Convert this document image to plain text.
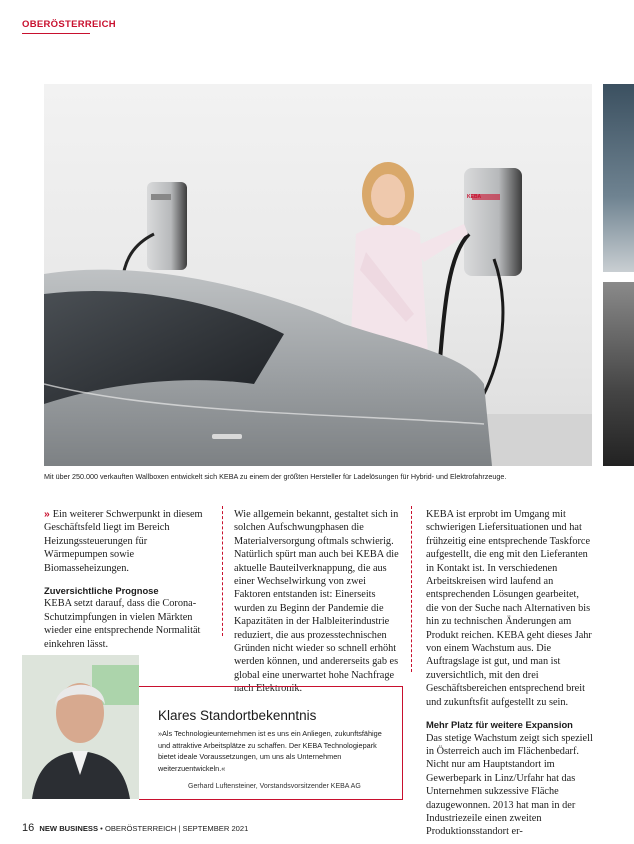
OBERÖSTERREICH
Mit über 250.000 verkauften Wallboxen entwickelt sich KEBA zu einem der größten Hersteller für Ladelösungen für Hybrid- und Elektrofahrzeuge.

» Ein weiterer Schwerpunkt in diesem Geschäftsfeld liegt im Bereich Heizungssteuerungen für Wärmepumpen sowie Biomasseheizungen.

Zuversichtliche Prognose

KEBA setzt darauf, dass die Corona-Schutzimpfungen in vielen Märkten wieder eine entsprechende Normalität einkehren lässt.

Wie allgemein bekannt, gestaltet sich in solchen Aufschwungphasen die Materialversorgung oftmals schwierig. Natürlich spürt man auch bei KEBA die aktuelle Bauteilverknappung, die aus einer Wechselwirkung von zwei Faktoren entstanden ist: Einerseits wurden zu Beginn der Pandemie die Kapazitäten in der Halbleiterindustrie reduziert, die aus prozesstechnischen Gründen nicht wieder so schnell erhöht werden können, und andererseits gab es global eine unerwartet hohe Nachfrage nach Elektronik.

KEBA ist erprobt im Umgang mit schwierigen Liefersituationen und hat frühzeitig eine entsprechende Taskforce aufgestellt, die eng mit den Lieferanten in Kontakt ist. In verschiedenen Arbeitskreisen wird laufend an entsprechenden Lösungen gearbeitet, die von der Suche nach Alternativen bis hin zu technischen Änderungen am Produkt reichen. KEBA geht dieses Jahr von einem Wachstum aus. Die Auftragslage ist gut, und man ist zuversichtlich, mit den drei Geschäftsbereichen entsprechend breit und zukunftsfit aufgestellt zu sein.

Mehr Platz für weitere Expansion

Das stetige Wachstum zeigt sich speziell in Österreich auch im Flächenbedarf. Nicht nur am Hauptstandort im Gewerbepark in Linz/Urfahr hat das Unternehmen sukzessive Fläche dazugewonnen. 2013 hat man in der Industriezeile einen zweiten Produktionsstandort er-

Klares Standortbekenntnis
»Als Technologieunternehmen ist es uns ein Anliegen, zukunftsfähige und attraktive Arbeitsplätze zu schaffen. Der KEBA Technologiepark bietet ideale Voraussetzungen, um uns als Unternehmen weiterzuentwickeln.«
Gerhard Luftensteiner, Vorstandsvorsitzender KEBA AG
16 NEW BUSINESS • OBERÖSTERREICH | SEPTEMBER 2021
KEBA
